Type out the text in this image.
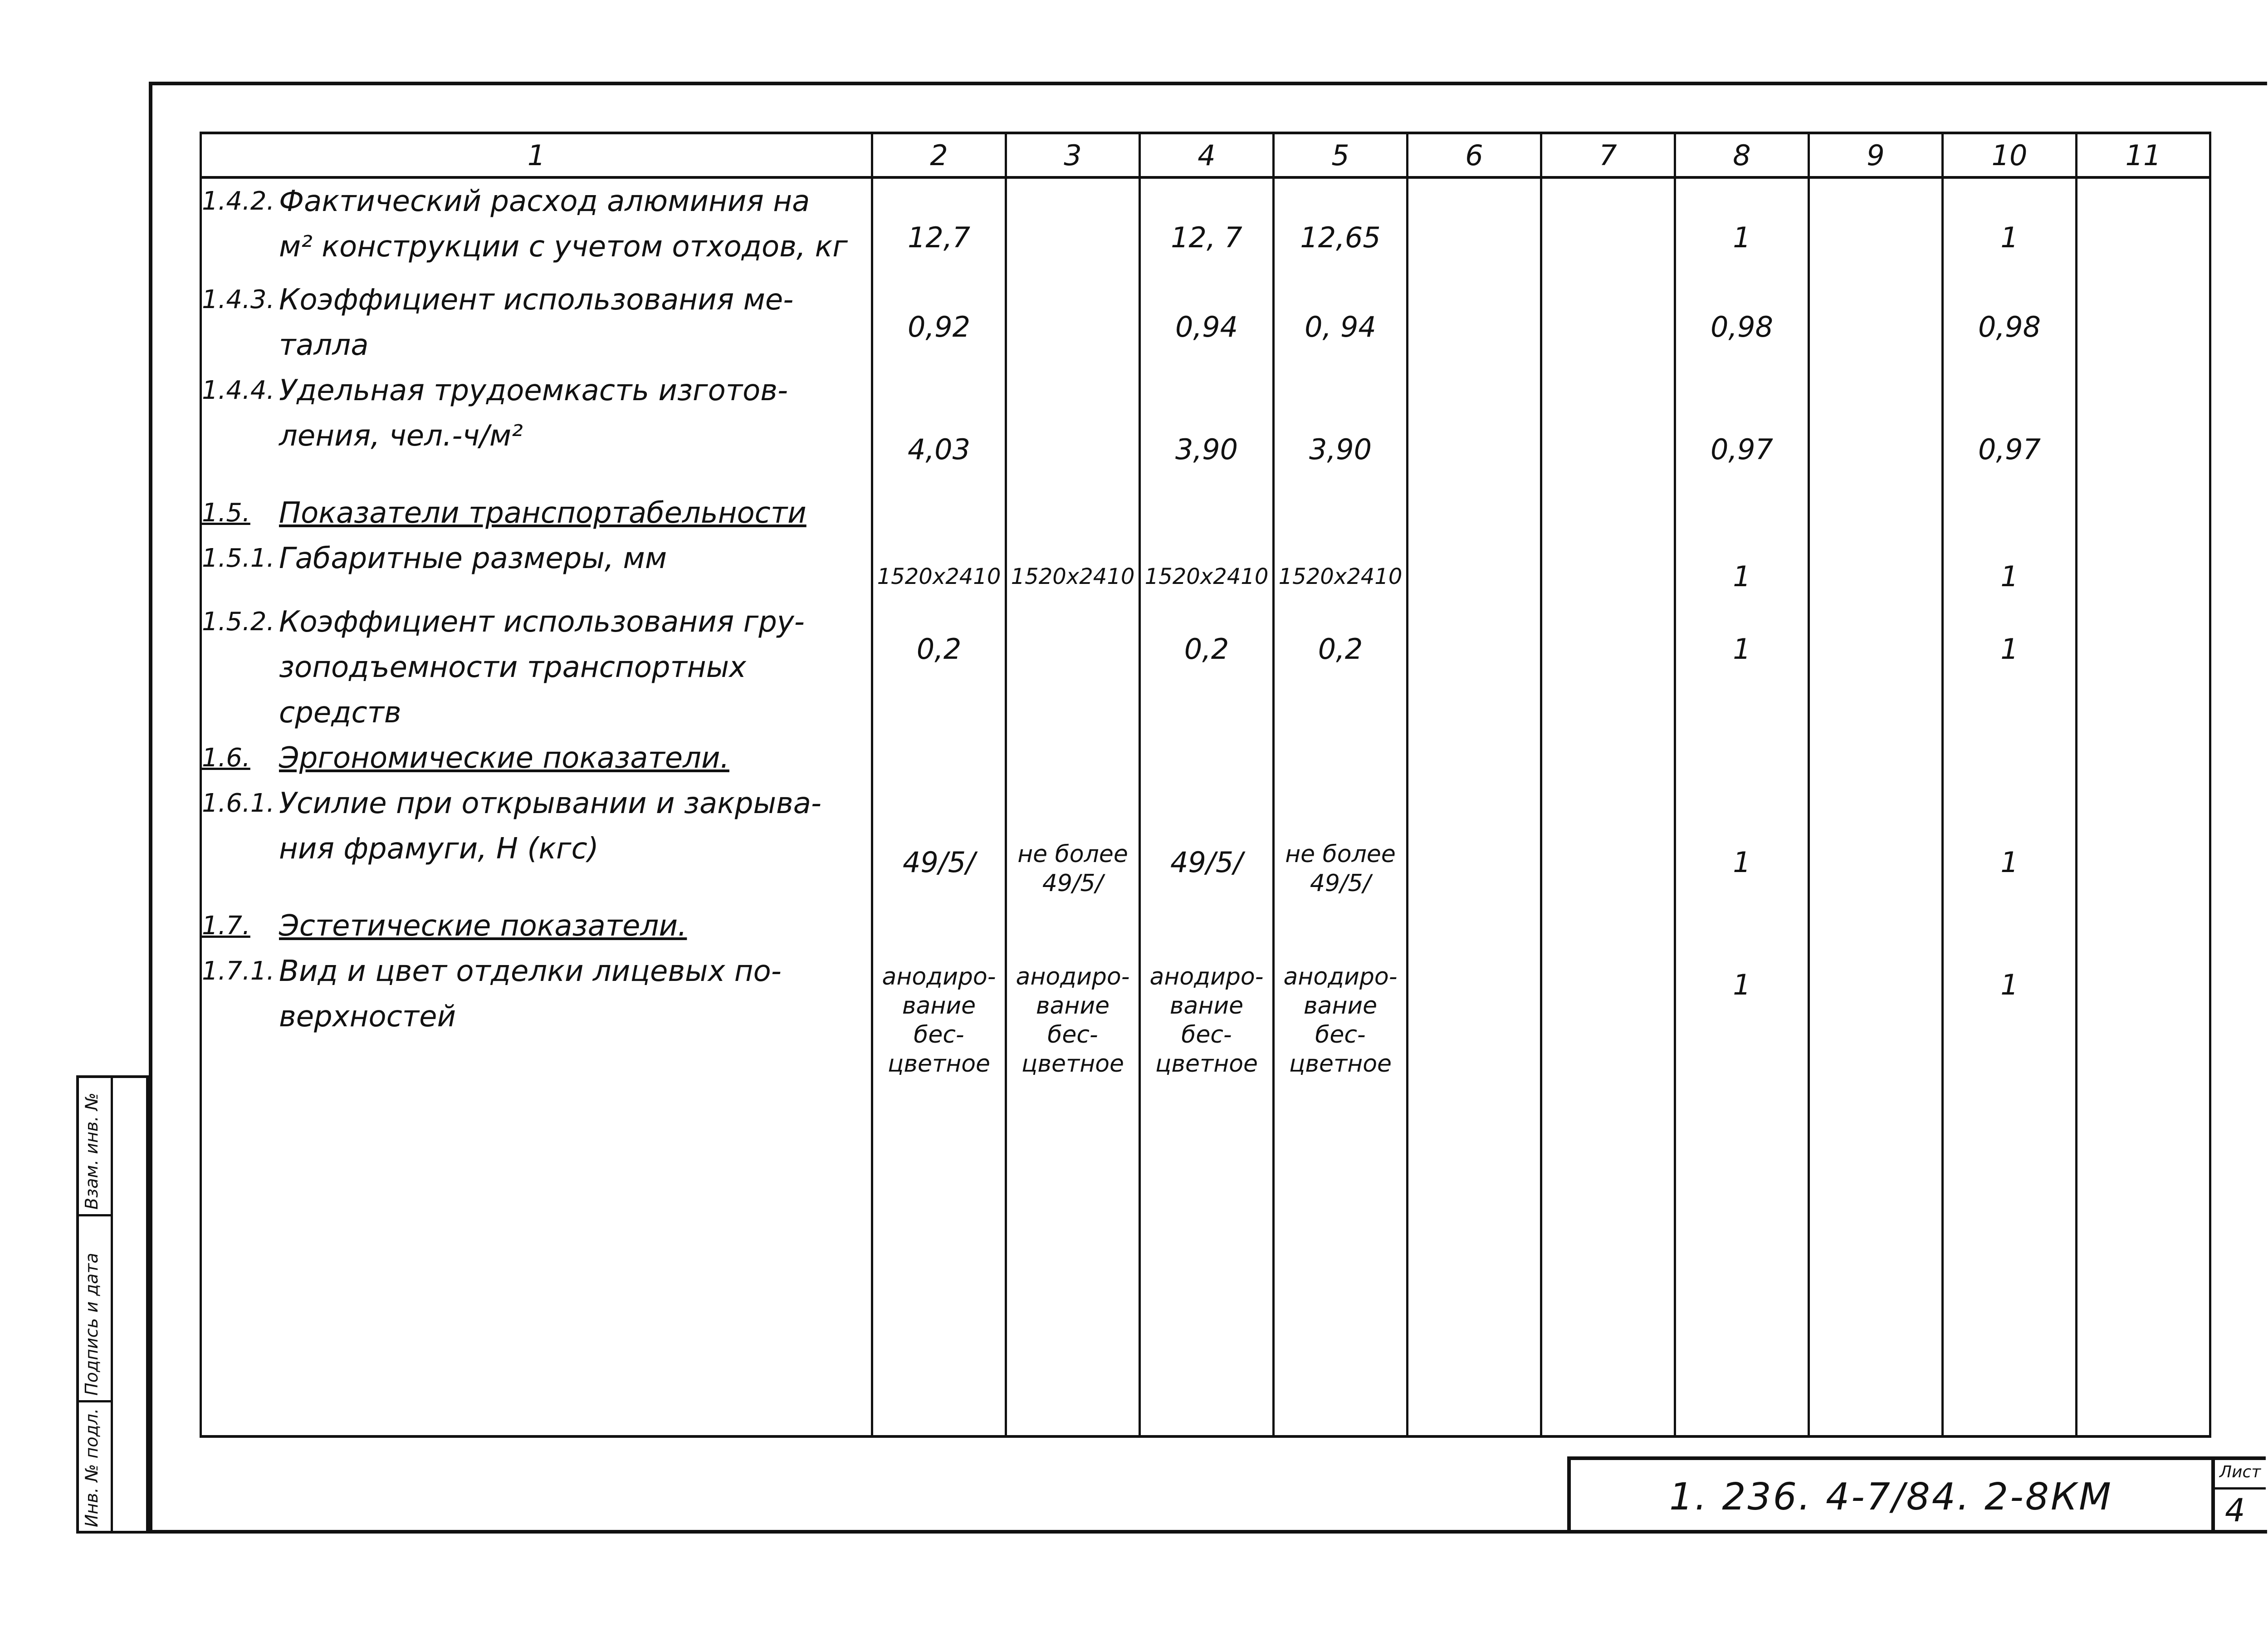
1	2	3	4	5	6	7	8	9	10	11

1.4.2. Фактический расход алюминия на
м² конструкции с учетом отходов, кг	12,7		12, 7	12,65			1		1	

1.4.3. Коэффициент использования ме-
талла	0,92		0,94	0, 94			0,98		0,98	

1.4.4. Удельная трудоемкасть изготов-
ления, чел.-ч/м²	4,03		3,90	3,90			0,97		0,97	

1.5. Показатели транспортабельности										

1.5.1. Габаритные размеры, мм	1520x2410	1520x2410	1520x2410	1520x2410			1		1	

1.5.2. Коэффициент использования гру-
зоподъемности транспортных средств	0,2		0,2	0,2			1		1	

1.6. Эргономические показатели.										

1.6.1. Усилие при открывании и закрыва-
ния фрамуги, Н (кгс)	49/5/	не более 49/5/	49/5/	не более 49/5/			1		1	

1.7. Эстетические показатели.										

1.7.1. Вид и цвет отделки лицевых по-
верхностей	анодиро- вание бес- цветное	анодиро- вание бес- цветное	анодиро- вание бес- цветное	анодиро- вание бес- цветное			1		1	
Взам. инв. №
Подпись и дата
Инв. № подл.	1. 236. 4-7/84. 2-8КМ
Лист
4
